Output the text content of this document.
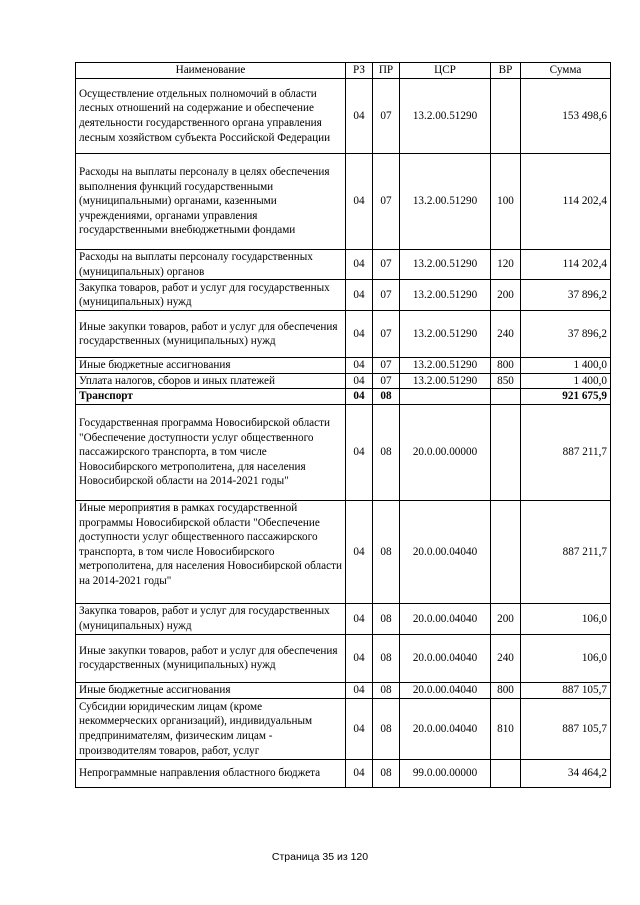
Наименование	РЗ	ПР	ЦСР	ВР	Сумма
Осуществление отдельных полномочий в области лесных отношений на содержание и обеспечение деятельности государственного органа управления лесным хозяйством субъекта Российской Федерации	04	07	13.2.00.51290		153 498,6
Расходы на выплаты персоналу в целях обеспечения выполнения функций государственными (муниципальными) органами, казенными учреждениями, органами управления государственными внебюджетными фондами	04	07	13.2.00.51290	100	114 202,4
Расходы на выплаты персоналу государственных (муниципальных) органов	04	07	13.2.00.51290	120	114 202,4
Закупка товаров, работ и услуг для государственных (муниципальных) нужд	04	07	13.2.00.51290	200	37 896,2
Иные закупки товаров, работ и услуг для обеспечения государственных (муниципальных) нужд	04	07	13.2.00.51290	240	37 896,2
Иные бюджетные ассигнования	04	07	13.2.00.51290	800	1 400,0
Уплата налогов, сборов и иных платежей	04	07	13.2.00.51290	850	1 400,0
Транспорт	04	08			921 675,9
Государственная программа Новосибирской области "Обеспечение доступности услуг общественного пассажирского транспорта, в том числе Новосибирского метрополитена, для населения Новосибирской области на 2014-2021 годы"	04	08	20.0.00.00000		887 211,7
Иные мероприятия в рамках государственной программы Новосибирской области "Обеспечение доступности услуг общественного пассажирского транспорта, в том числе Новосибирского метрополитена, для населения Новосибирской области на 2014-2021 годы"	04	08	20.0.00.04040		887 211,7
Закупка товаров, работ и услуг для государственных (муниципальных) нужд	04	08	20.0.00.04040	200	106,0
Иные закупки товаров, работ и услуг для обеспечения государственных (муниципальных) нужд	04	08	20.0.00.04040	240	106,0
Иные бюджетные ассигнования	04	08	20.0.00.04040	800	887 105,7
Субсидии юридическим лицам (кроме некоммерческих организаций), индивидуальным предпринимателям, физическим лицам - производителям товаров, работ, услуг	04	08	20.0.00.04040	810	887 105,7
Непрограммные направления областного бюджета	04	08	99.0.00.00000		34 464,2
Страница 35 из 120
